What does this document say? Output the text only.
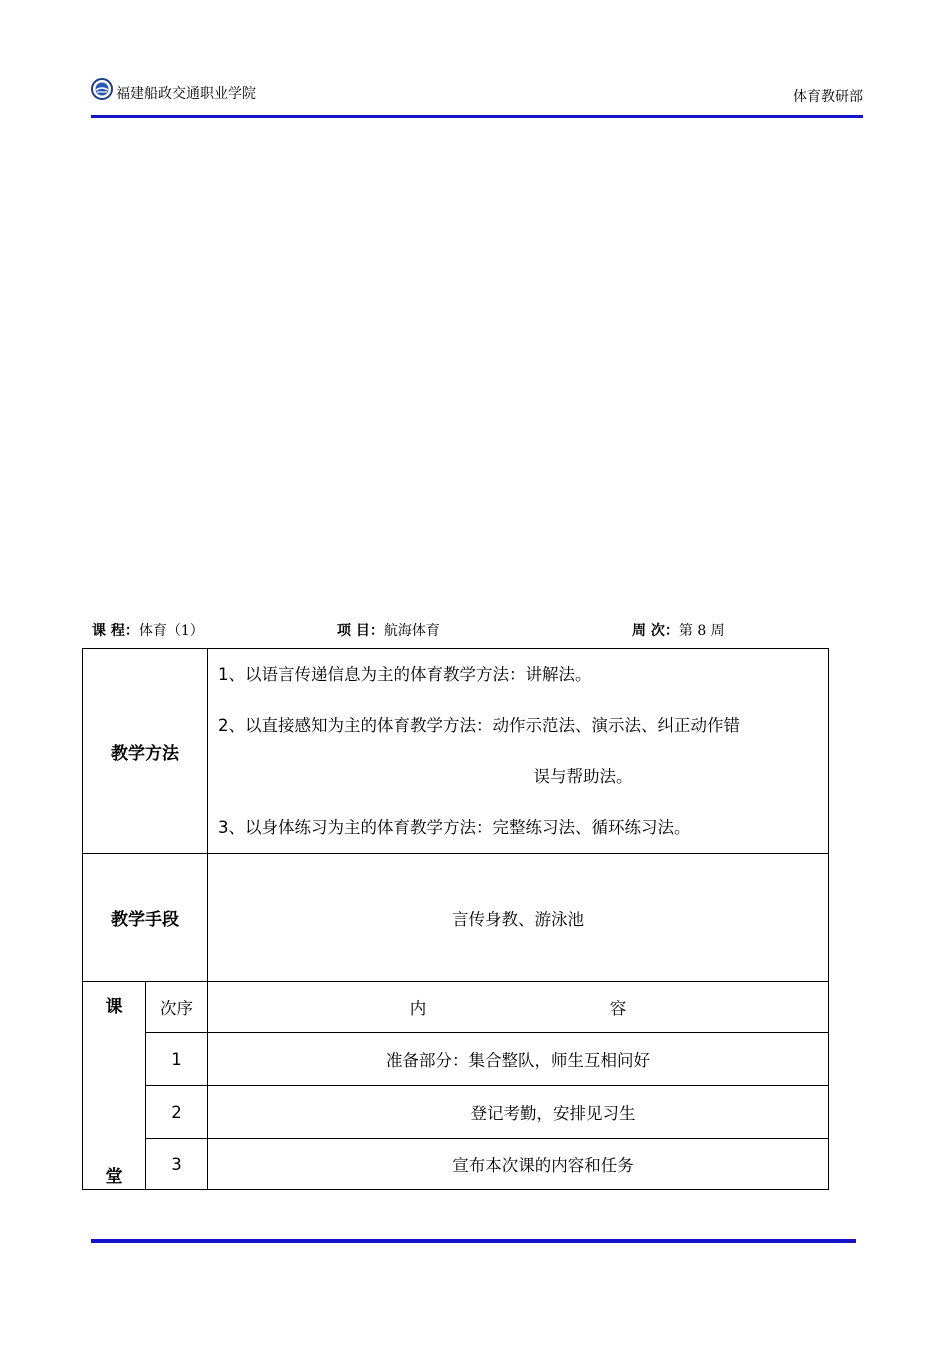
福建船政交通职业学院	体育教研部
课 程：体育（1）	项 目：航海体育	周 次：第 8 周
教学方法		1、以语言传递信息为主的体育教学方法：讲解法。
2、以直接感知为主的体育教学方法：动作示范法、演示法、纠正动作错
误与帮助法。
3、以身体练习为主的体育教学方法：完整练习法、循环练习法。

教学手段		言传身教、游泳池

课
堂	次序	内 容
	1	准备部分：集合整队，师生互相问好
	2	登记考勤，安排见习生
	3	宣布本次课的内容和任务
